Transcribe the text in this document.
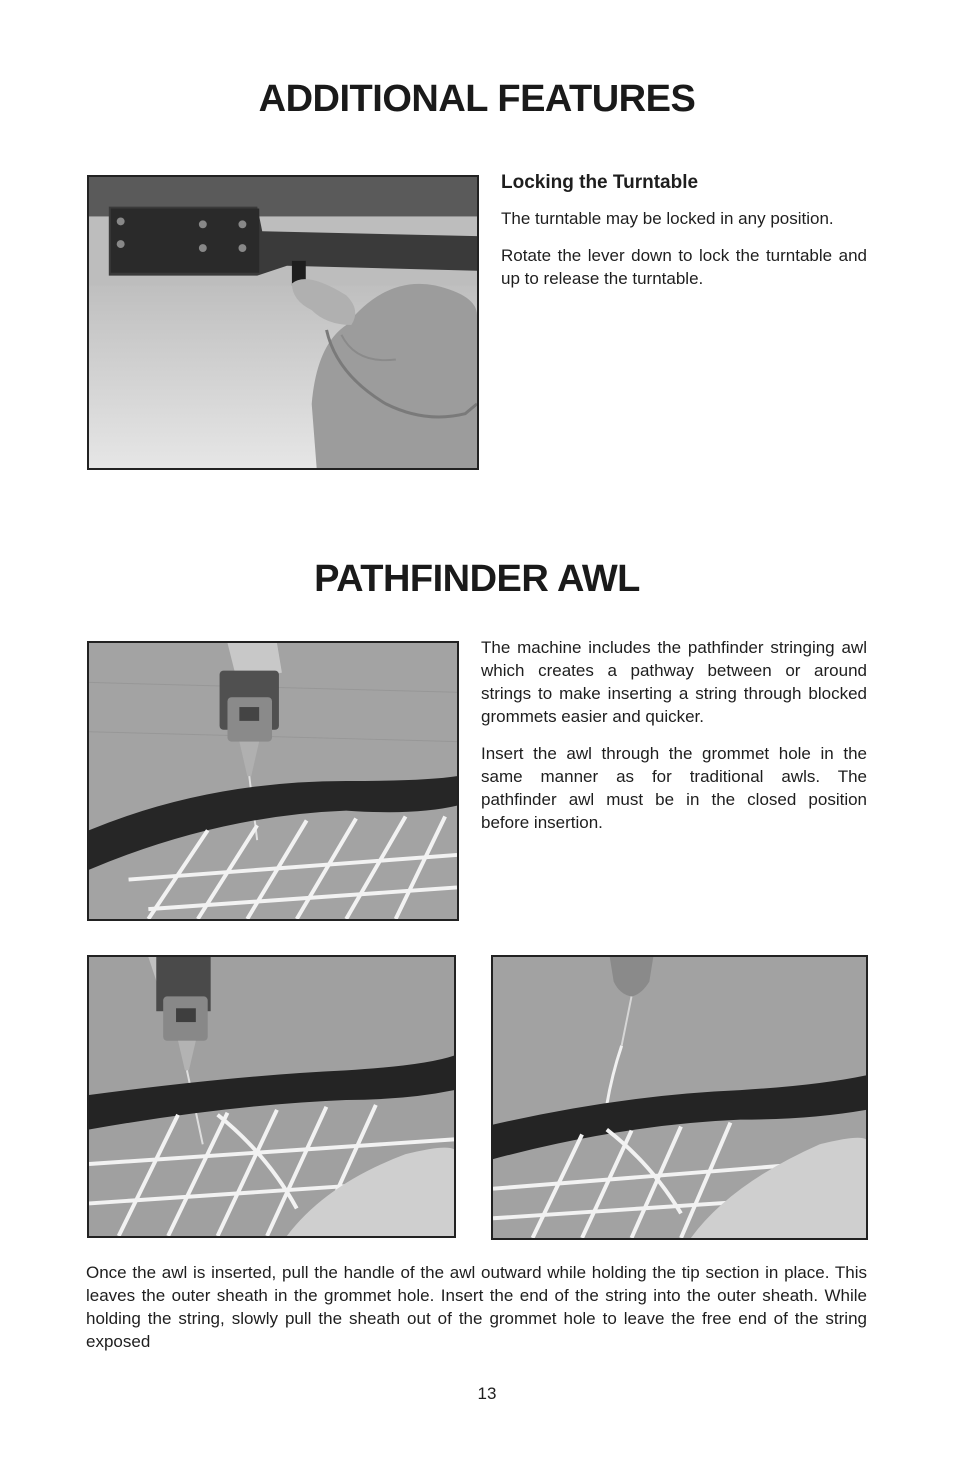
ADDITIONAL FEATURES
Locking the Turntable

The turntable may be locked in any position.

Rotate the lever down to lock the turntable and up to release the turntable.

PATHFINDER AWL

The machine includes the pathfinder stringing awl which creates a pathway between or around strings to make inserting a string through blocked grommets easier and quicker.

Insert the awl through the grommet hole in the same manner as for traditional awls. The pathfinder awl must be in the closed position before insertion.

Once the awl is inserted, pull the handle of the awl outward while holding the tip section in place. This leaves the outer sheath in the grommet hole. Insert the end of the string into the outer sheath. While holding the string, slowly pull the sheath out of the grommet hole to leave the free end of the string exposed

13
